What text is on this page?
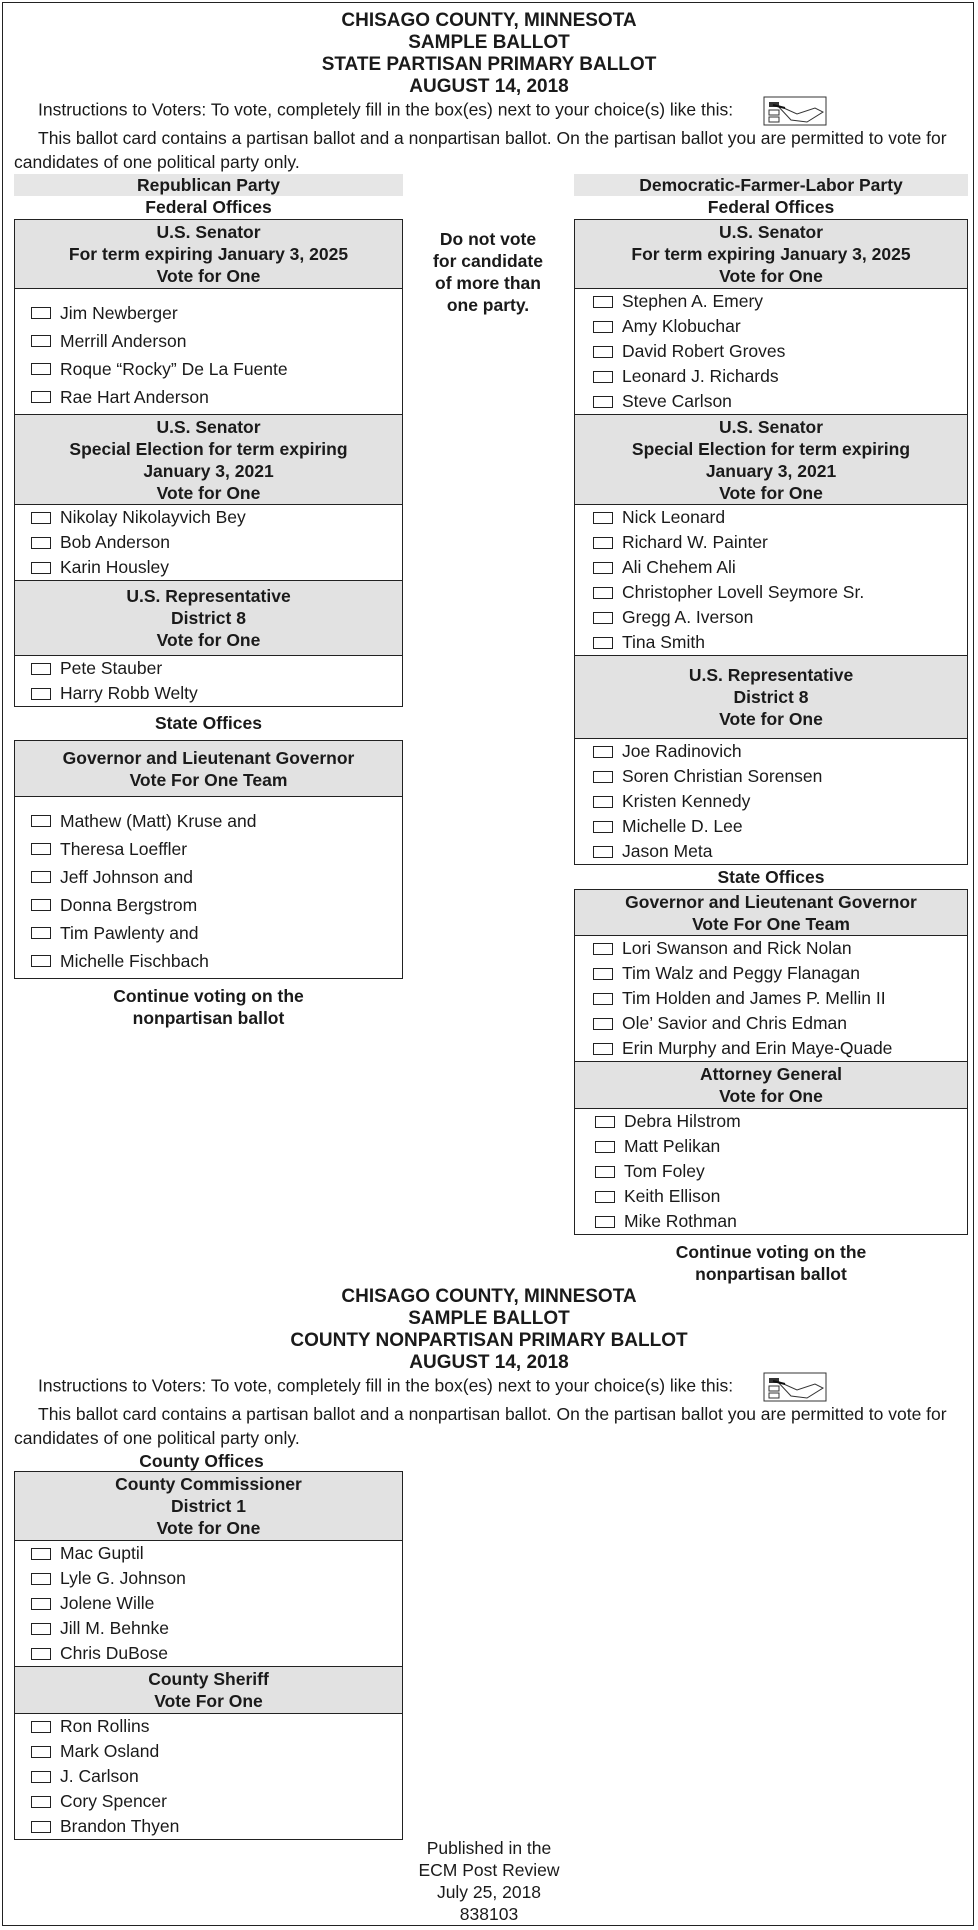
CHISAGO COUNTY, MINNESOTA
SAMPLE BALLOT
STATE PARTISAN PRIMARY BALLOT
AUGUST 14, 2018

Instructions to Voters: To vote, completely fill in the box(es) next to your choice(s) like this:

This ballot card contains a partisan ballot and a nonpartisan ballot. On the partisan ballot you are permitted to vote for candidates of one political party only.

Republican Party
Federal Offices
U.S. Senator
For term expiring January 3, 2025
Vote for One
Jim Newberger
Merrill Anderson
Roque “Rocky” De La Fuente
Rae Hart Anderson
U.S. Senator
Special Election for term expiring
January 3, 2021
Vote for One
Nikolay Nikolayvich Bey
Bob Anderson
Karin Housley
U.S. Representative
District 8
Vote for One
Pete Stauber
Harry Robb Welty
State Offices
Governor and Lieutenant Governor
Vote For One Team
Mathew (Matt) Kruse and
Theresa Loeffler
Jeff Johnson and
Donna Bergstrom
Tim Pawlenty and
Michelle Fischbach
Continue voting on the
nonpartisan ballot
Do not vote
for candidate
of more than
one party.
Democratic-Farmer-Labor Party
Federal Offices
U.S. Senator
For term expiring January 3, 2025
Vote for One
Stephen A. Emery
Amy Klobuchar
David Robert Groves
Leonard J. Richards
Steve Carlson
U.S. Senator
Special Election for term expiring
January 3, 2021
Vote for One
Nick Leonard
Richard W. Painter
Ali Chehem Ali
Christopher Lovell Seymore Sr.
Gregg A. Iverson
Tina Smith
U.S. Representative
District 8
Vote for One
Joe Radinovich
Soren Christian Sorensen
Kristen Kennedy
Michelle D. Lee
Jason Meta
State Offices
Governor and Lieutenant Governor
Vote For One Team
Lori Swanson and Rick Nolan
Tim Walz and Peggy Flanagan
Tim Holden and James P. Mellin II
Ole’ Savior and Chris Edman
Erin Murphy and Erin Maye-Quade
Attorney General
Vote for One
Debra Hilstrom
Matt Pelikan
Tom Foley
Keith Ellison
Mike Rothman
Continue voting on the
nonpartisan ballot
CHISAGO COUNTY, MINNESOTA
SAMPLE BALLOT
COUNTY NONPARTISAN PRIMARY BALLOT
AUGUST 14, 2018

Instructions to Voters: To vote, completely fill in the box(es) next to your choice(s) like this:

This ballot card contains a partisan ballot and a nonpartisan ballot. On the partisan ballot you are permitted to vote for candidates of one political party only.

County Offices
County Commissioner
District 1
Vote for One
Mac Guptil
Lyle G. Johnson
Jolene Wille
Jill M. Behnke
Chris DuBose
County Sheriff
Vote For One
Ron Rollins
Mark Osland
J. Carlson
Cory Spencer
Brandon Thyen
Published in the
ECM Post Review
July 25, 2018
838103
